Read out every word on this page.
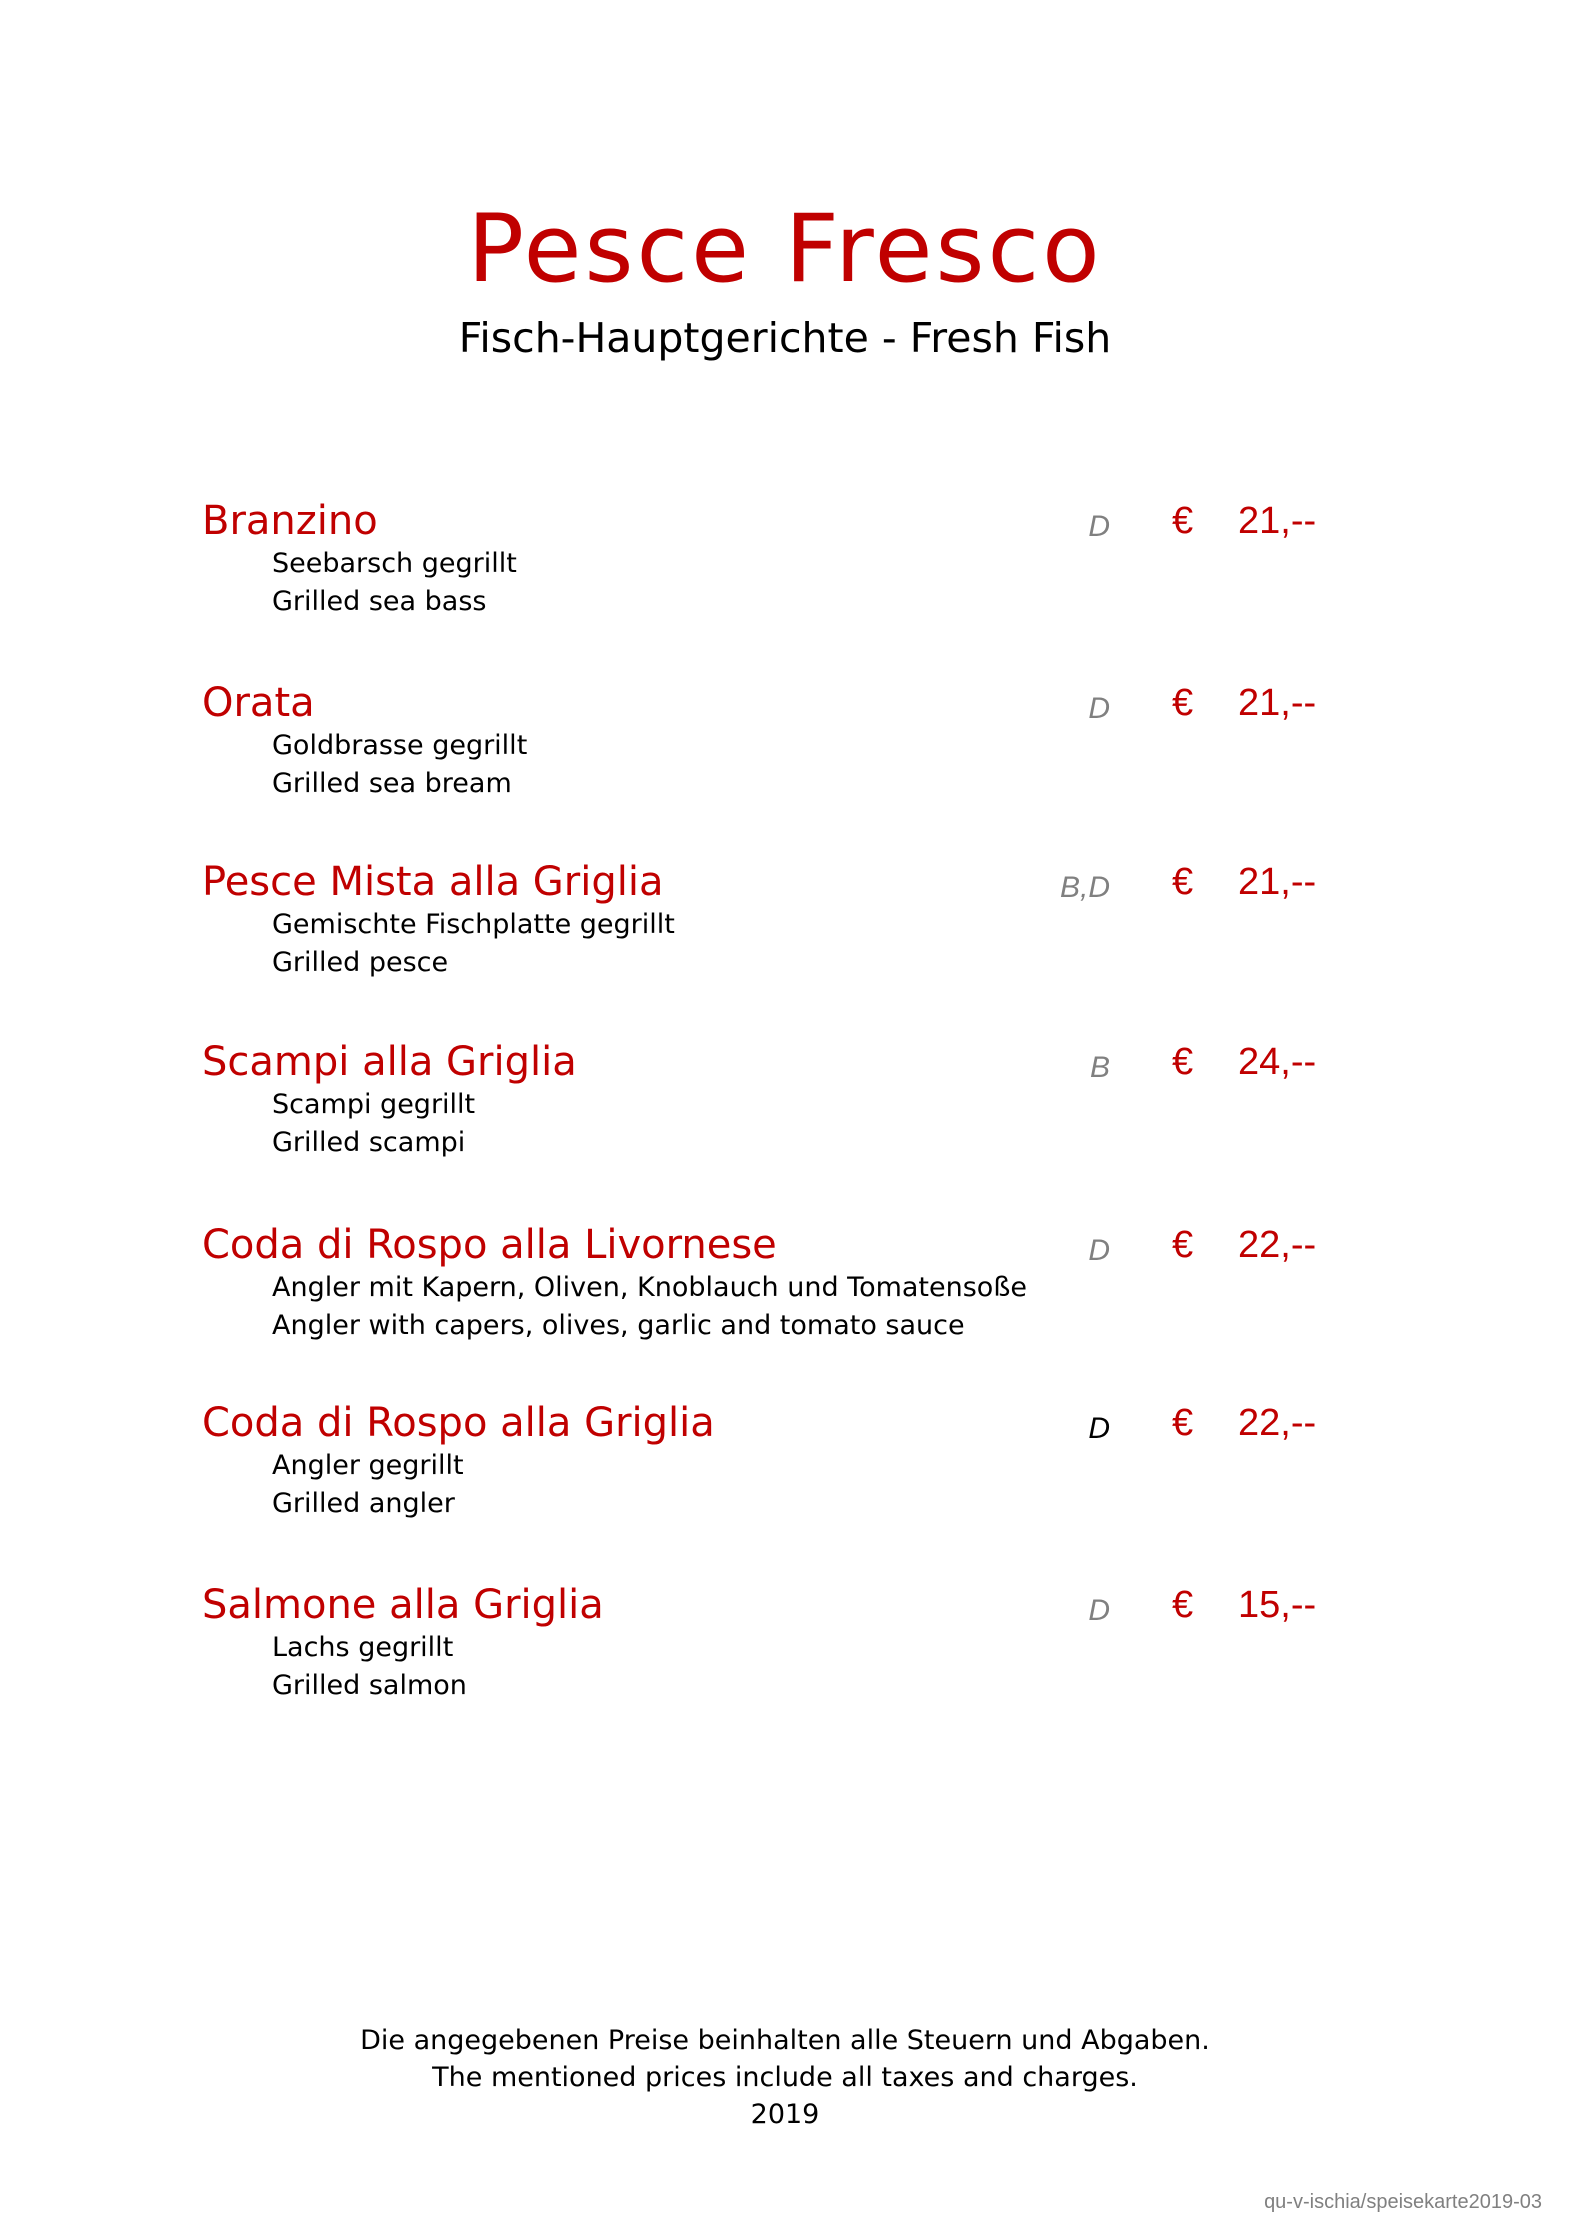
Pesce Fresco
Fisch-Hauptgerichte - Fresh Fish
Branzino
Seebarsch gegrillt
Grilled sea bass
D € 21,--
Orata
Goldbrasse gegrillt
Grilled sea bream
D € 21,--
Pesce Mista alla Griglia
Gemischte Fischplatte gegrillt
Grilled pesce
B,D € 21,--
Scampi alla Griglia
Scampi gegrillt
Grilled scampi
B € 24,--
Coda di Rospo alla Livornese
Angler mit Kapern, Oliven, Knoblauch und Tomatensoße
Angler with capers, olives, garlic and tomato sauce
D € 22,--
Coda di Rospo alla Griglia
Angler gegrillt
Grilled angler
D € 22,--
Salmone alla Griglia
Lachs gegrillt
Grilled salmon
D € 15,--
Die angegebenen Preise beinhalten alle Steuern und Abgaben.
The mentioned prices include all taxes and charges.
2019
qu-v-ischia/speisekarte2019-03
